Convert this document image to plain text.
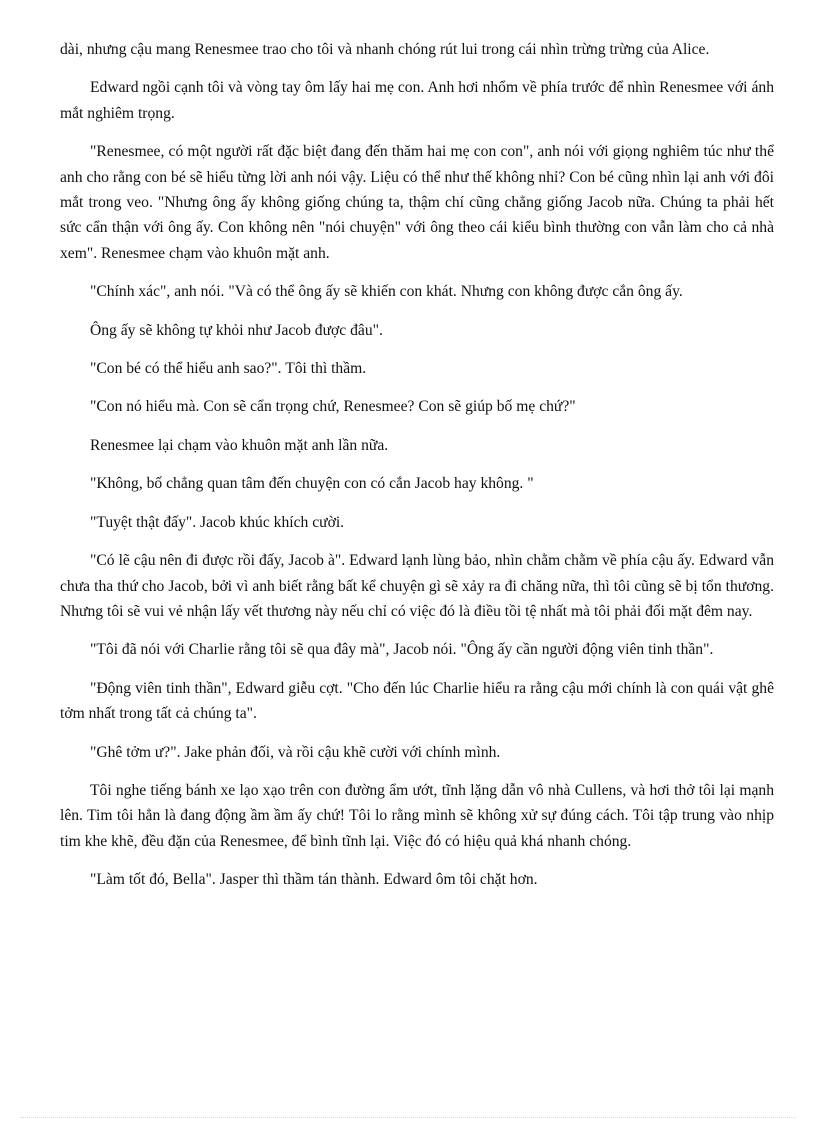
dài, nhưng cậu mang Renesmee trao cho tôi và nhanh chóng rút lui trong cái nhìn trừng trừng của Alice.

Edward ngồi cạnh tôi và vòng tay ôm lấy hai mẹ con. Anh hơi nhổm về phía trước để nhìn Renesmee với ánh mắt nghiêm trọng.

"Renesmee, có một người rất đặc biệt đang đến thăm hai mẹ con con", anh nói với giọng nghiêm túc như thể anh cho rằng con bé sẽ hiểu từng lời anh nói vậy. Liệu có thể như thế không nhỉ? Con bé cũng nhìn lại anh với đôi mắt trong veo. "Nhưng ông ấy không giống chúng ta, thậm chí cũng chẳng giống Jacob nữa. Chúng ta phải hết sức cẩn thận với ông ấy. Con không nên "nói chuyện" với ông theo cái kiểu bình thường con vẫn làm cho cả nhà xem". Renesmee chạm vào khuôn mặt anh.

"Chính xác", anh nói. "Và có thể ông ấy sẽ khiến con khát. Nhưng con không được cắn ông ấy.

Ông ấy sẽ không tự khỏi như Jacob được đâu".

"Con bé có thể hiểu anh sao?". Tôi thì thầm.

"Con nó hiểu mà. Con sẽ cẩn trọng chứ, Renesmee? Con sẽ giúp bố mẹ chứ?"

Renesmee lại chạm vào khuôn mặt anh lần nữa.

"Không, bố chẳng quan tâm đến chuyện con có cắn Jacob hay không. "

"Tuyệt thật đấy". Jacob khúc khích cười.

"Có lẽ cậu nên đi được rồi đấy, Jacob à". Edward lạnh lùng bảo, nhìn chằm chằm về phía cậu ấy. Edward vẫn chưa tha thứ cho Jacob, bởi vì anh biết rằng bất kể chuyện gì sẽ xảy ra đi chăng nữa, thì tôi cũng sẽ bị tổn thương. Nhưng tôi sẽ vui vẻ nhận lấy vết thương này nếu chỉ có việc đó là điều tồi tệ nhất mà tôi phải đối mặt đêm nay.

"Tôi đã nói với Charlie rằng tôi sẽ qua đây mà", Jacob nói. "Ông ấy cần người động viên tinh thần".

"Động viên tinh thần", Edward giễu cợt. "Cho đến lúc Charlie hiểu ra rằng cậu mới chính là con quái vật ghê tởm nhất trong tất cả chúng ta".

"Ghê tởm ư?". Jake phản đối, và rồi cậu khẽ cười với chính mình.

Tôi nghe tiếng bánh xe lạo xạo trên con đường ẩm ướt, tĩnh lặng dẫn vô nhà Cullens, và hơi thở tôi lại mạnh lên. Tim tôi hẳn là đang động ầm ầm ấy chứ! Tôi lo rằng mình sẽ không xử sự đúng cách. Tôi tập trung vào nhịp tim khe khẽ, đều đặn của Renesmee, để bình tĩnh lại. Việc đó có hiệu quả khá nhanh chóng.

"Làm tốt đó, Bella". Jasper thì thầm tán thành. Edward ôm tôi chặt hơn.
